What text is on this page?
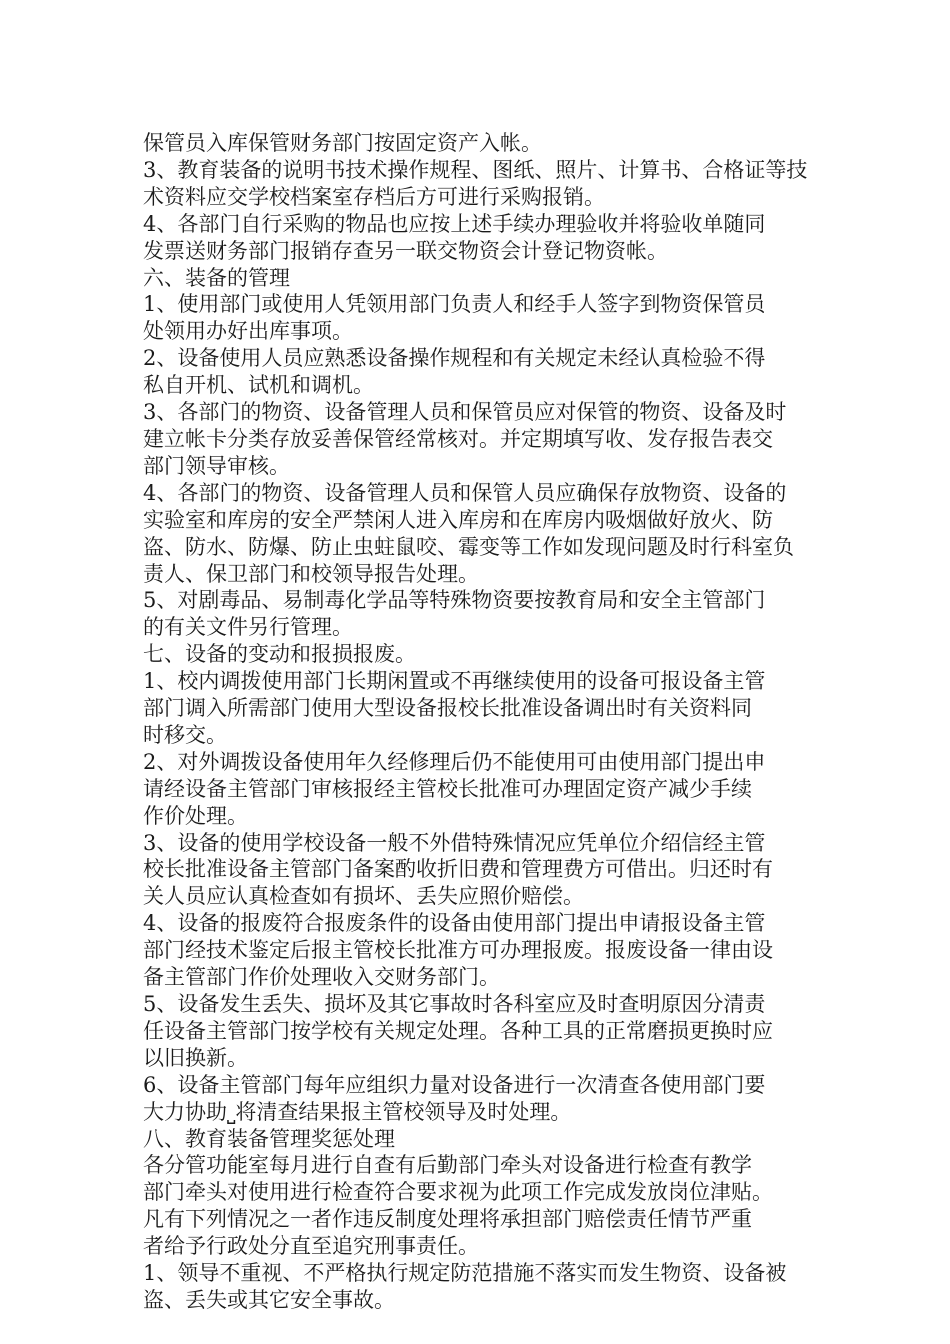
保管员入库保管财务部门按固定资产入帐。
3、教育装备的说明书技术操作规程、图纸、照片、计算书、合格证等技
术资料应交学校档案室存档后方可进行采购报销。
4、各部门自行采购的物品也应按上述手续办理验收并将验收单随同
发票送财务部门报销存查另一联交物资会计登记物资帐。
六、装备的管理
1、使用部门或使用人凭领用部门负责人和经手人签字到物资保管员
处领用办好出库事项。
2、设备使用人员应熟悉设备操作规程和有关规定未经认真检验不得
私自开机、试机和调机。
3、各部门的物资、设备管理人员和保管员应对保管的物资、设备及时
建立帐卡分类存放妥善保管经常核对。并定期填写收、发存报告表交
部门领导审核。
4、各部门的物资、设备管理人员和保管人员应确保存放物资、设备的
实验室和库房的安全严禁闲人进入库房和在库房内吸烟做好放火、防
盗、防水、防爆、防止虫蛀鼠咬、霉变等工作如发现问题及时行科室负
责人、保卫部门和校领导报告处理。
5、对剧毒品、易制毒化学品等特殊物资要按教育局和安全主管部门
的有关文件另行管理。
七、设备的变动和报损报废。
1、校内调拨使用部门长期闲置或不再继续使用的设备可报设备主管
部门调入所需部门使用大型设备报校长批准设备调出时有关资料同
时移交。
2、对外调拨设备使用年久经修理后仍不能使用可由使用部门提出申
请经设备主管部门审核报经主管校长批准可办理固定资产减少手续
作价处理。
3、设备的使用学校设备一般不外借特殊情况应凭单位介绍信经主管
校长批准设备主管部门备案酌收折旧费和管理费方可借出。归还时有
关人员应认真检查如有损坏、丢失应照价赔偿。
4、设备的报废符合报废条件的设备由使用部门提出申请报设备主管
部门经技术鉴定后报主管校长批准方可办理报废。报废设备一律由设
备主管部门作价处理收入交财务部门。
5、设备发生丢失、损坏及其它事故时各科室应及时查明原因分清责
任设备主管部门按学校有关规定处理。各种工具的正常磨损更换时应
以旧换新。
6、设备主管部门每年应组织力量对设备进行一次清查各使用部门要
大力协助⎵将清查结果报主管校领导及时处理。
八、教育装备管理奖惩处理
各分管功能室每月进行自查有后勤部门牵头对设备进行检查有教学
部门牵头对使用进行检查符合要求视为此项工作完成发放岗位津贴。
凡有下列情况之一者作违反制度处理将承担部门赔偿责任情节严重
者给予行政处分直至追究刑事责任。
1、领导不重视、不严格执行规定防范措施不落实而发生物资、设备被
盗、丢失或其它安全事故。
